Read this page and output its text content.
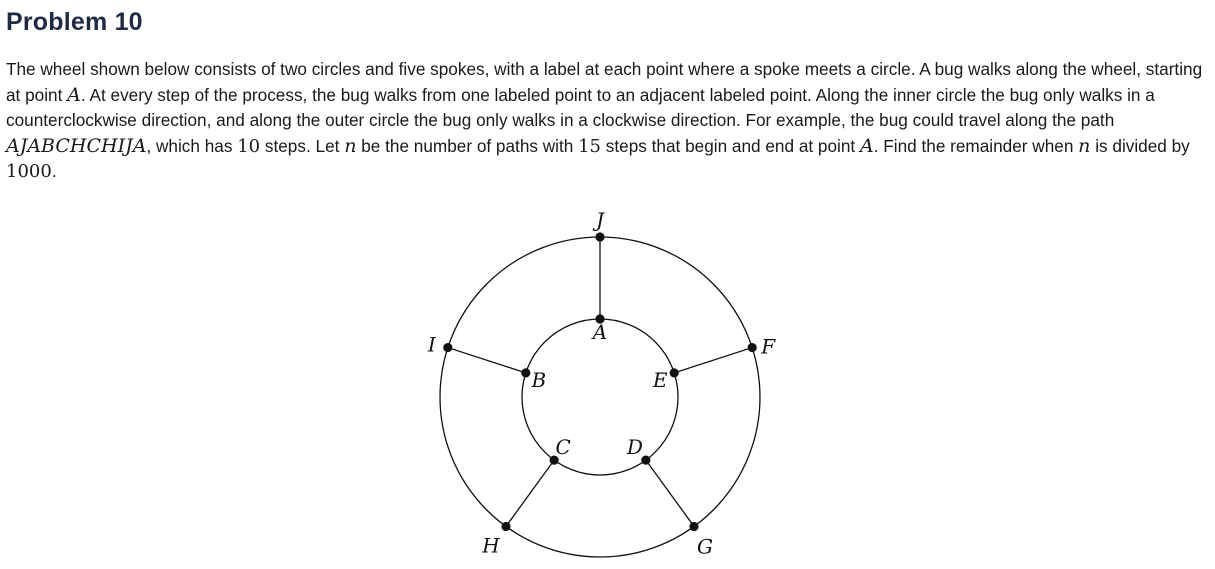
Problem 10

The wheel shown below consists of two circles and five spokes, with a label at each point where a spoke meets a circle. A bug walks along the wheel, starting at point A. At every step of the process, the bug walks from one labeled point to an adjacent labeled point. Along the inner circle the bug only walks in a counterclockwise direction, and along the outer circle the bug only walks in a clockwise direction. For example, the bug could travel along the path AJABCHCHIJA, which has 10 steps. Let n be the number of paths with 15 steps that begin and end at point A. Find the remainder when n is divided by 1000.

A
J
B
I
C
H
D
G
E
F
